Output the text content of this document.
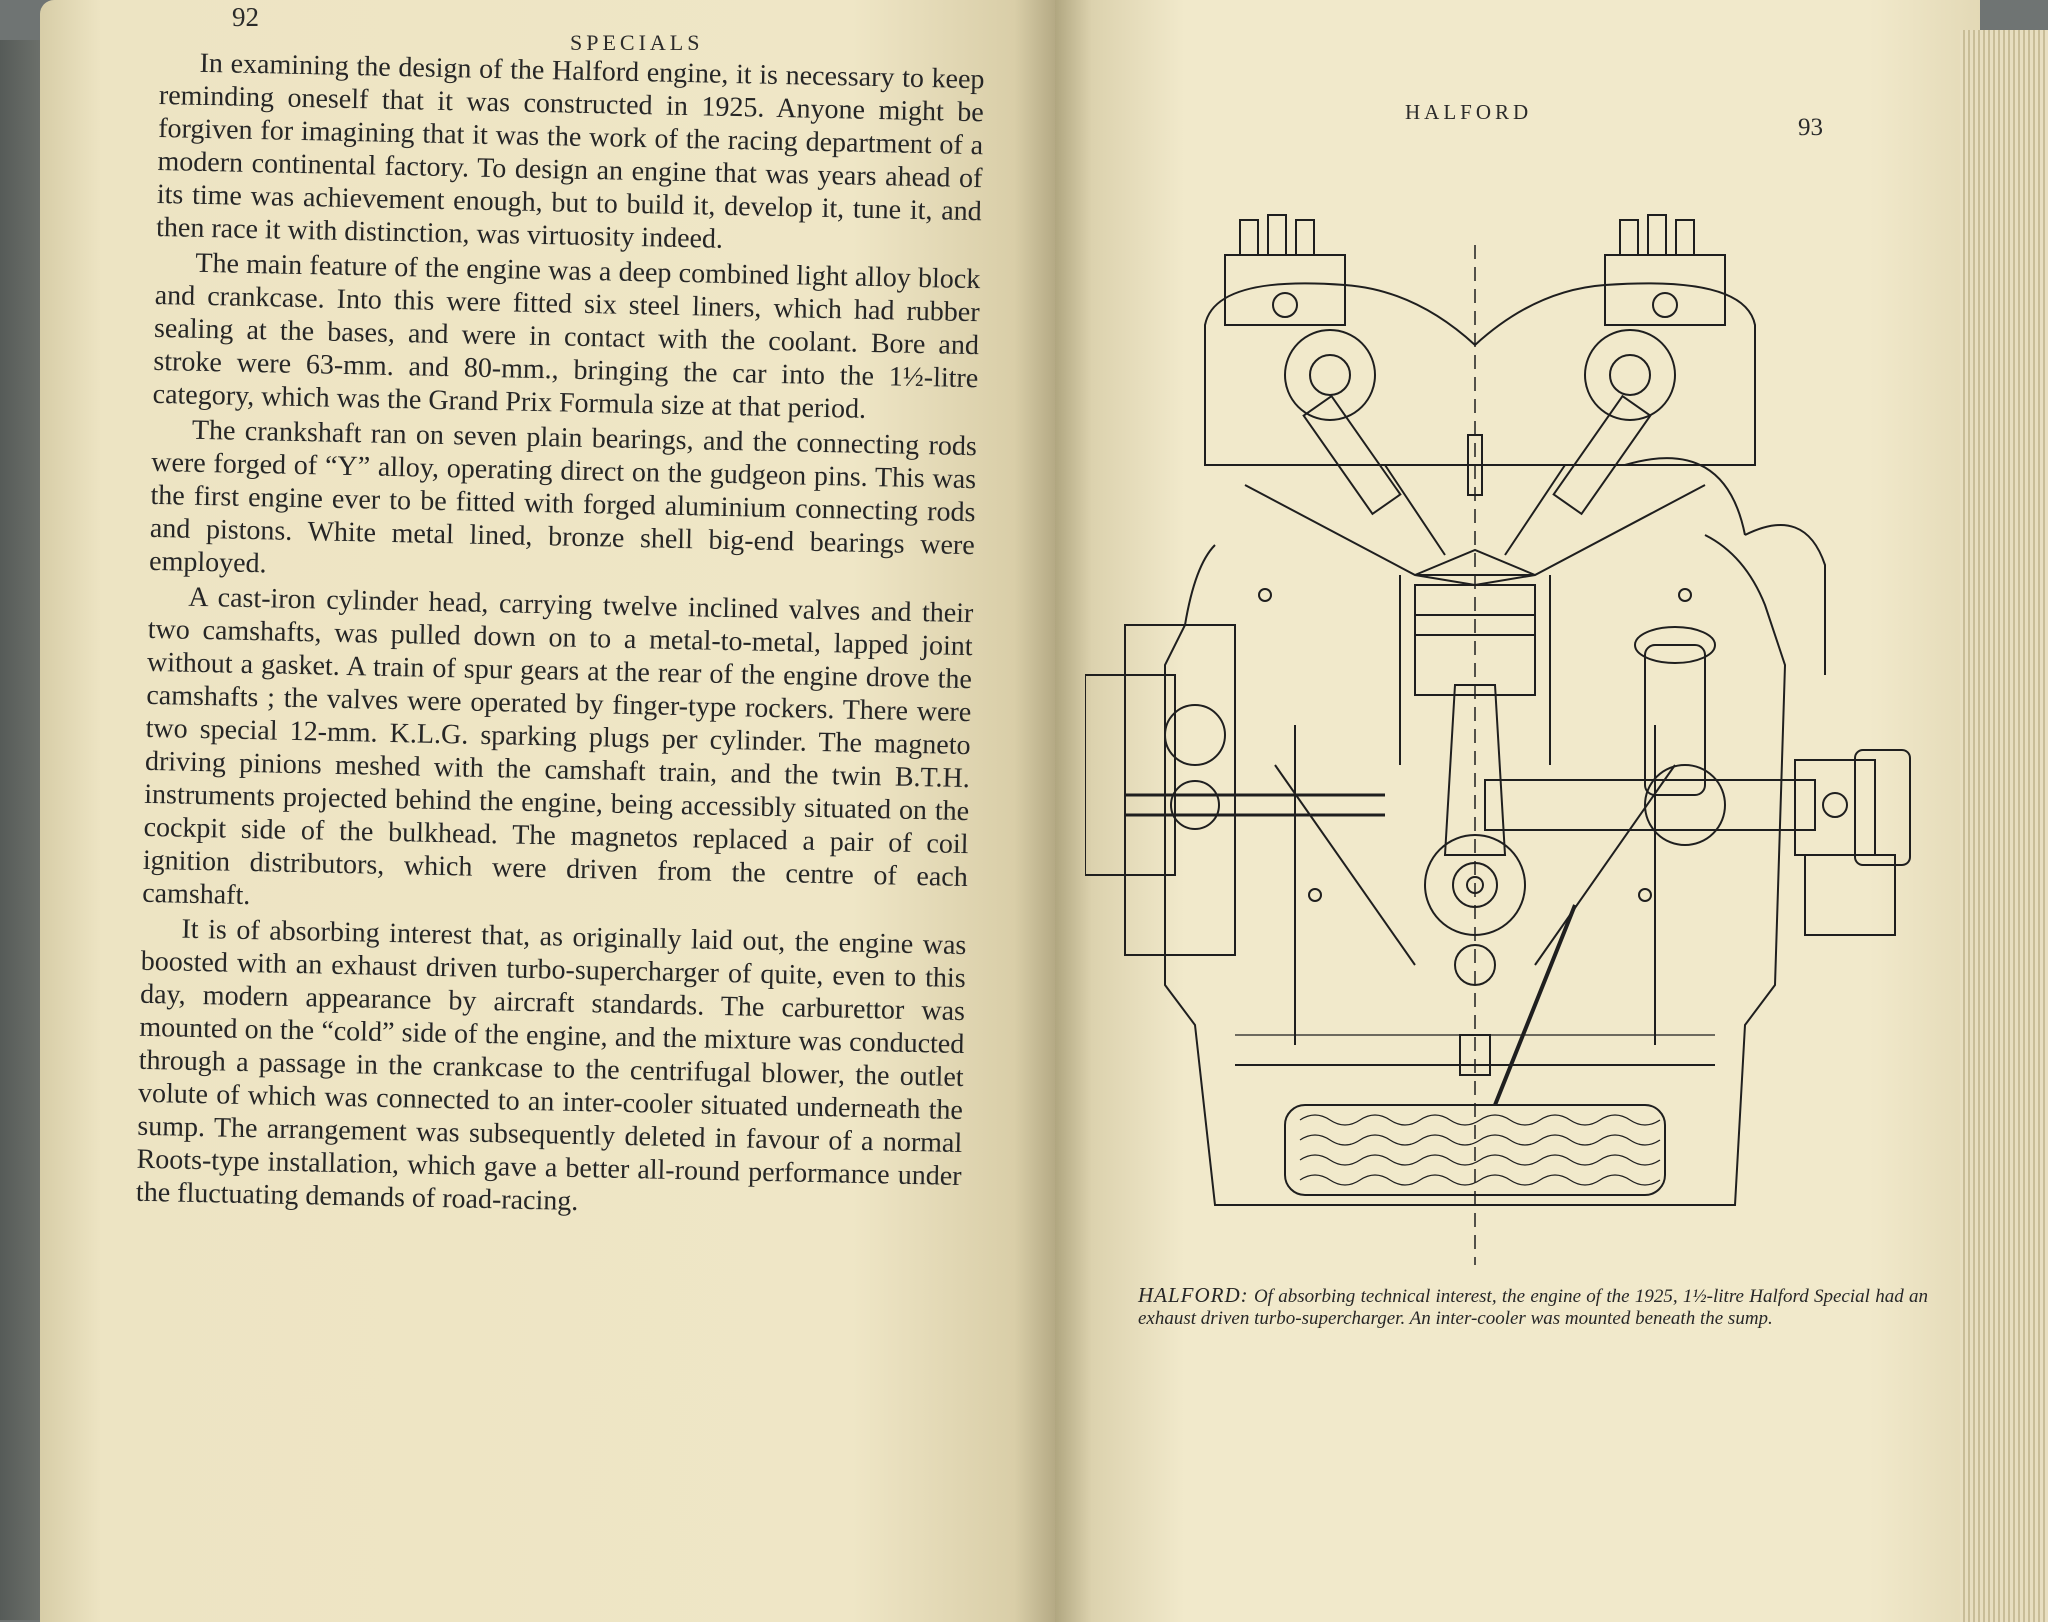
92
SPECIALS

In examining the design of the Halford engine, it is necessary to keep reminding oneself that it was constructed in 1925. Anyone might be forgiven for imagining that it was the work of the racing department of a modern continental factory. To design an engine that was years ahead of its time was achievement enough, but to build it, develop it, tune it, and then race it with distinction, was virtuosity indeed.

The main feature of the engine was a deep combined light alloy block and crankcase. Into this were fitted six steel liners, which had rubber sealing at the bases, and were in contact with the coolant. Bore and stroke were 63-mm. and 80-mm., bringing the car into the 1½-litre category, which was the Grand Prix Formula size at that period.

The crankshaft ran on seven plain bearings, and the connecting rods were forged of “Y” alloy, operating direct on the gudgeon pins. This was the first engine ever to be fitted with forged aluminium connecting rods and pistons. White metal lined, bronze shell big-end bearings were employed.

A cast-iron cylinder head, carrying twelve inclined valves and their two camshafts, was pulled down on to a metal-to-metal, lapped joint without a gasket. A train of spur gears at the rear of the engine drove the camshafts ; the valves were operated by finger-type rockers. There were two special 12-mm. K.L.G. sparking plugs per cylinder. The magneto driving pinions meshed with the camshaft train, and the twin B.T.H. instruments projected behind the engine, being accessibly situated on the cockpit side of the bulkhead. The magnetos replaced a pair of coil ignition distributors, which were driven from the centre of each camshaft.

It is of absorbing interest that, as originally laid out, the engine was boosted with an exhaust driven turbo-supercharger of quite, even to this day, modern appearance by aircraft standards. The carburettor was mounted on the “cold” side of the engine, and the mixture was conducted through a passage in the crankcase to the centrifugal blower, the outlet volute of which was connected to an inter-cooler situated underneath the sump. The arrangement was subsequently deleted in favour of a normal Roots-type installation, which gave a better all-round performance under the fluctuating demands of road-racing.

HALFORD
93
HALFORD: Of absorbing technical interest, the engine of the 1925, 1½-litre Halford Special had an exhaust driven turbo-supercharger. An inter-cooler was mounted beneath the sump.
